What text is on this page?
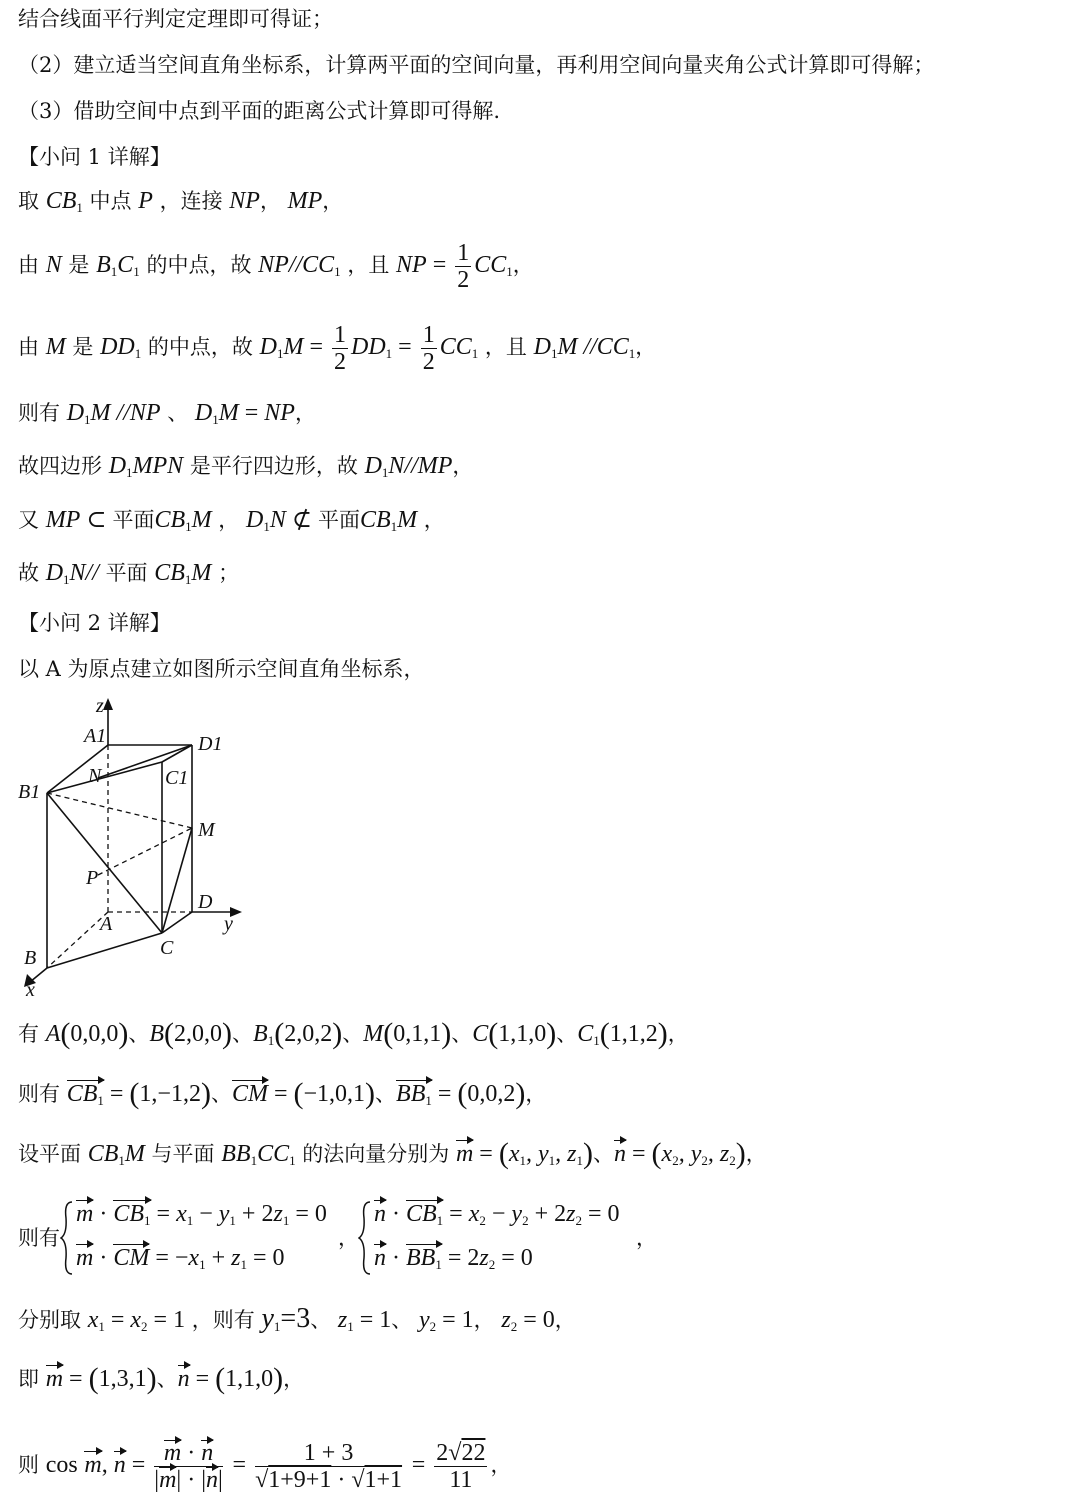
结合线面平行判定定理即可得证；
（2）建立适当空间直角坐标系，计算两平面的空间向量，再利用空间向量夹角公式计算即可得解；
（3）借助空间中点到平面的距离公式计算即可得解.
【小问 1 详解】
取 $CB_1$ 中点 P ，连接 NP， MP，
由 N 是 $B_1C_1$ 的中点，故 $NP//CC_1$ ，且 NP = $\frac{1}{2} CC_1$，
由 M 是 $DD_1$ 的中点，故 $D_1M = \frac{1}{2} DD_1 = \frac{1}{2} CC_1$ ，且 $D_1M$ $//CC_1$，
则有 $D_1M$ //NP 、 $D_1M$ = NP，
故四边形 $D_1MPN$ 是平行四边形，故 $D_1N//MP$，
又 MP ⊂ 平面$CB_1M$ ， $D_1N$ ⊄ 平面$CB_1M$ ，
故 $D_1N//$ 平面 $CB_1M$ ；
【小问 2 详解】
以 A 为原点建立如图所示空间直角坐标系，
z
A1	D1
N	C1
B1
M
P
D
A	y
C
B
x
有 A(0,0,0)、B(2,0,0)、$B_1(2,0,2)$、M(0,1,1)、C(1,1,0)、$C_1(1,1,2)$，
则有 $CB_1 = (1,-1,2)$、CM = (−1,0,1)、$BB_1 = (0,0,2)$，
设平面 $CB_1M$ 与平面 $BB_1CC_1$ 的法向量分别为 $m = (x_1$, $y_1$, $z_1$)、$n = (x_2$, $y_2$, $z_2$)，
则有
$m \cdot CB_1 = x_1 - y_1 + 2z_1 = 0$
m · CM = $-x_1 + z_1 = 0$
，
$n \cdot CB_1 = x_2 - y_2 + 2z_2 = 0$
$n \cdot BB_1 = 2z_2 = 0$
，
分别取 $x_1 = x_2 = 1$ ，则有 $y_1=3$、 $z_1 = 1$、 $y_2 = 1$， $z_2 = 0$，
即 m = (1,3,1)、n = (1,1,0)，
则 cos m, $n = \frac{m \cdot n}{|m| \cdot |n|} = \frac{1 + 3}{√1+9+1 \cdot √1+1} = \frac{2√22}{11}$ ，
